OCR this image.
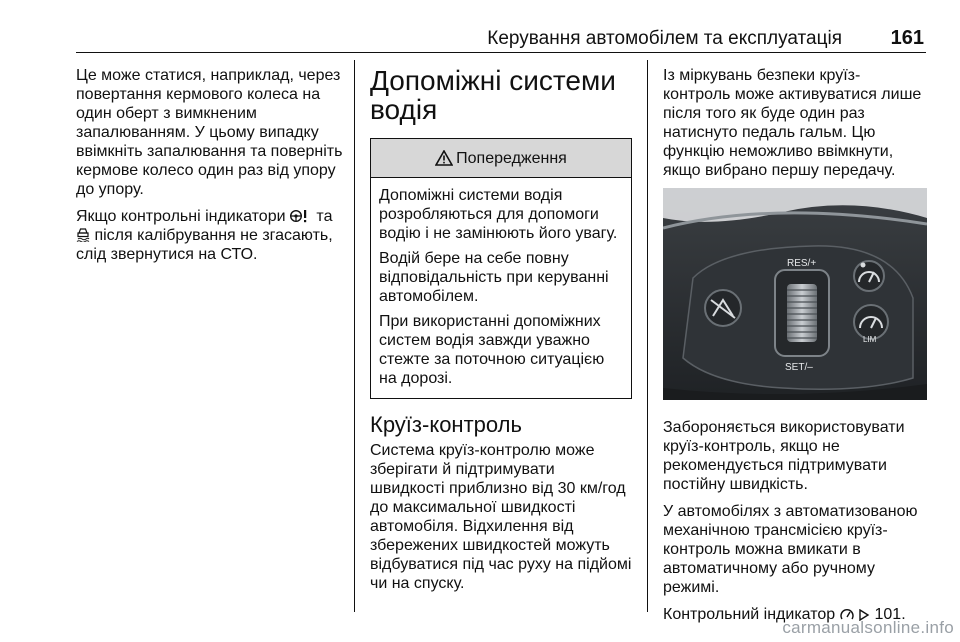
Керування автомобілем та експлуатація 161

Це може статися, наприклад, через повертання кермового колеса на один оберт з вимкненим запалюванням. У цьому випадку ввімкніть запалювання та поверніть кермове колесо один раз від упору до упору.

Якщо контрольні індикатори  та
після калібрування не згасають, слід звернутися на СТО.

Допоміжні системи водія
Попередження

Допоміжні системи водія розробляються для допомоги водію і не замінюють його увагу.

Водій бере на себе повну відповідальність при керуванні автомобілем.

При використанні допоміжних систем водія завжди уважно стежте за поточною ситуацією на дорозі.

Круїз-контроль

Система круїз-контролю може зберігати й підтримувати швидкості приблизно від 30 км/год до максимальної швидкості автомобіля. Відхилення від збережених швидкостей можуть відбуватися під час руху на підйомі чи на спуску.

Із міркувань безпеки круїз-контроль може активуватися лише після того як буде один раз натиснуто педаль гальм. Цю функцію неможливо ввімкнути, якщо вибрано першу передачу.

RES/+
SET/–
LIM

Забороняється використовувати круїз-контроль, якщо не рекомендується підтримувати постійну швидкість.

У автомобілях з автоматизованою механічною трансмісією круїз-контроль можна вмикати в автоматичному або ручному режимі.

Контрольний індикатор   101.

carmanualsonline.info
